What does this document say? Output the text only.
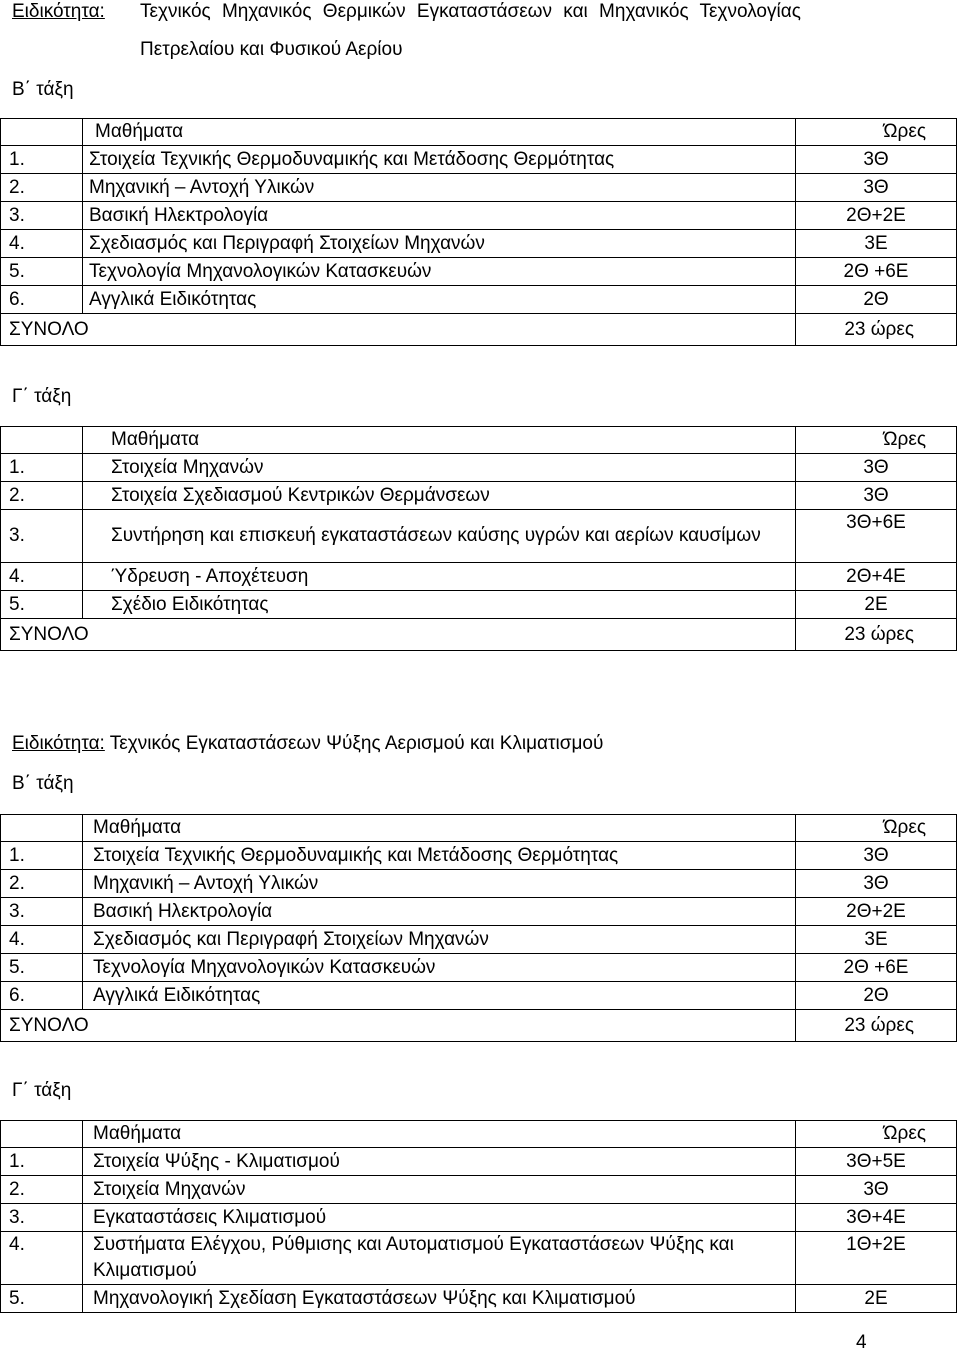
Ειδικότητα: Τεχνικός Μηχανικός Θερμικών Εγκαταστάσεων και Μηχανικός Τεχνολογίας
Πετρελαίου και Φυσικού Αερίου
Β΄ τάξη
	Μαθήματα	Ώρες
1.	Στοιχεία Τεχνικής Θερμοδυναμικής και Μετάδοσης Θερμότητας	3Θ
2.	Μηχανική – Αντοχή Υλικών	3Θ
3.	Βασική Ηλεκτρολογία	2Θ+2Ε
4.	Σχεδιασμός και Περιγραφή Στοιχείων Μηχανών	3Ε
5.	Τεχνολογία Μηχανολογικών Κατασκευών	2Θ +6Ε
6.	Αγγλικά Ειδικότητας	2Θ
ΣΥΝΟΛΟ		23 ώρες
Γ΄ τάξη
	Μαθήματα	Ώρες
1.	Στοιχεία Μηχανών	3Θ
2.	Στοιχεία Σχεδιασμού Κεντρικών Θερμάνσεων	3Θ
3.	Συντήρηση και επισκευή εγκαταστάσεων καύσης υγρών και αερίων καυσίμων	3Θ+6Ε
4.	Ύδρευση - Αποχέτευση	2Θ+4Ε
5.	Σχέδιο Ειδικότητας	2Ε
ΣΥΝΟΛΟ		23 ώρες
Ειδικότητα: Τεχνικός Εγκαταστάσεων Ψύξης Αερισμού και Κλιματισμού
Β΄ τάξη
	Μαθήματα	Ώρες
1.	Στοιχεία Τεχνικής Θερμοδυναμικής και Μετάδοσης Θερμότητας	3Θ
2.	Μηχανική – Αντοχή Υλικών	3Θ
3.	Βασική Ηλεκτρολογία	2Θ+2Ε
4.	Σχεδιασμός και Περιγραφή Στοιχείων Μηχανών	3Ε
5.	Τεχνολογία Μηχανολογικών Κατασκευών	2Θ +6Ε
6.	Αγγλικά Ειδικότητας	2Θ
ΣΥΝΟΛΟ		23 ώρες
Γ΄ τάξη
	Μαθήματα	Ώρες
1.	Στοιχεία Ψύξης - Κλιματισμού	3Θ+5Ε
2.	Στοιχεία Μηχανών	3Θ
3.	Εγκαταστάσεις Κλιματισμού	3Θ+4Ε
4.	Συστήματα Ελέγχου, Ρύθμισης και Αυτοματισμού Εγκαταστάσεων Ψύξης και Κλιματισμού	1Θ+2Ε
5.	Μηχανολογική Σχεδίαση Εγκαταστάσεων Ψύξης και Κλιματισμού	2Ε
4
